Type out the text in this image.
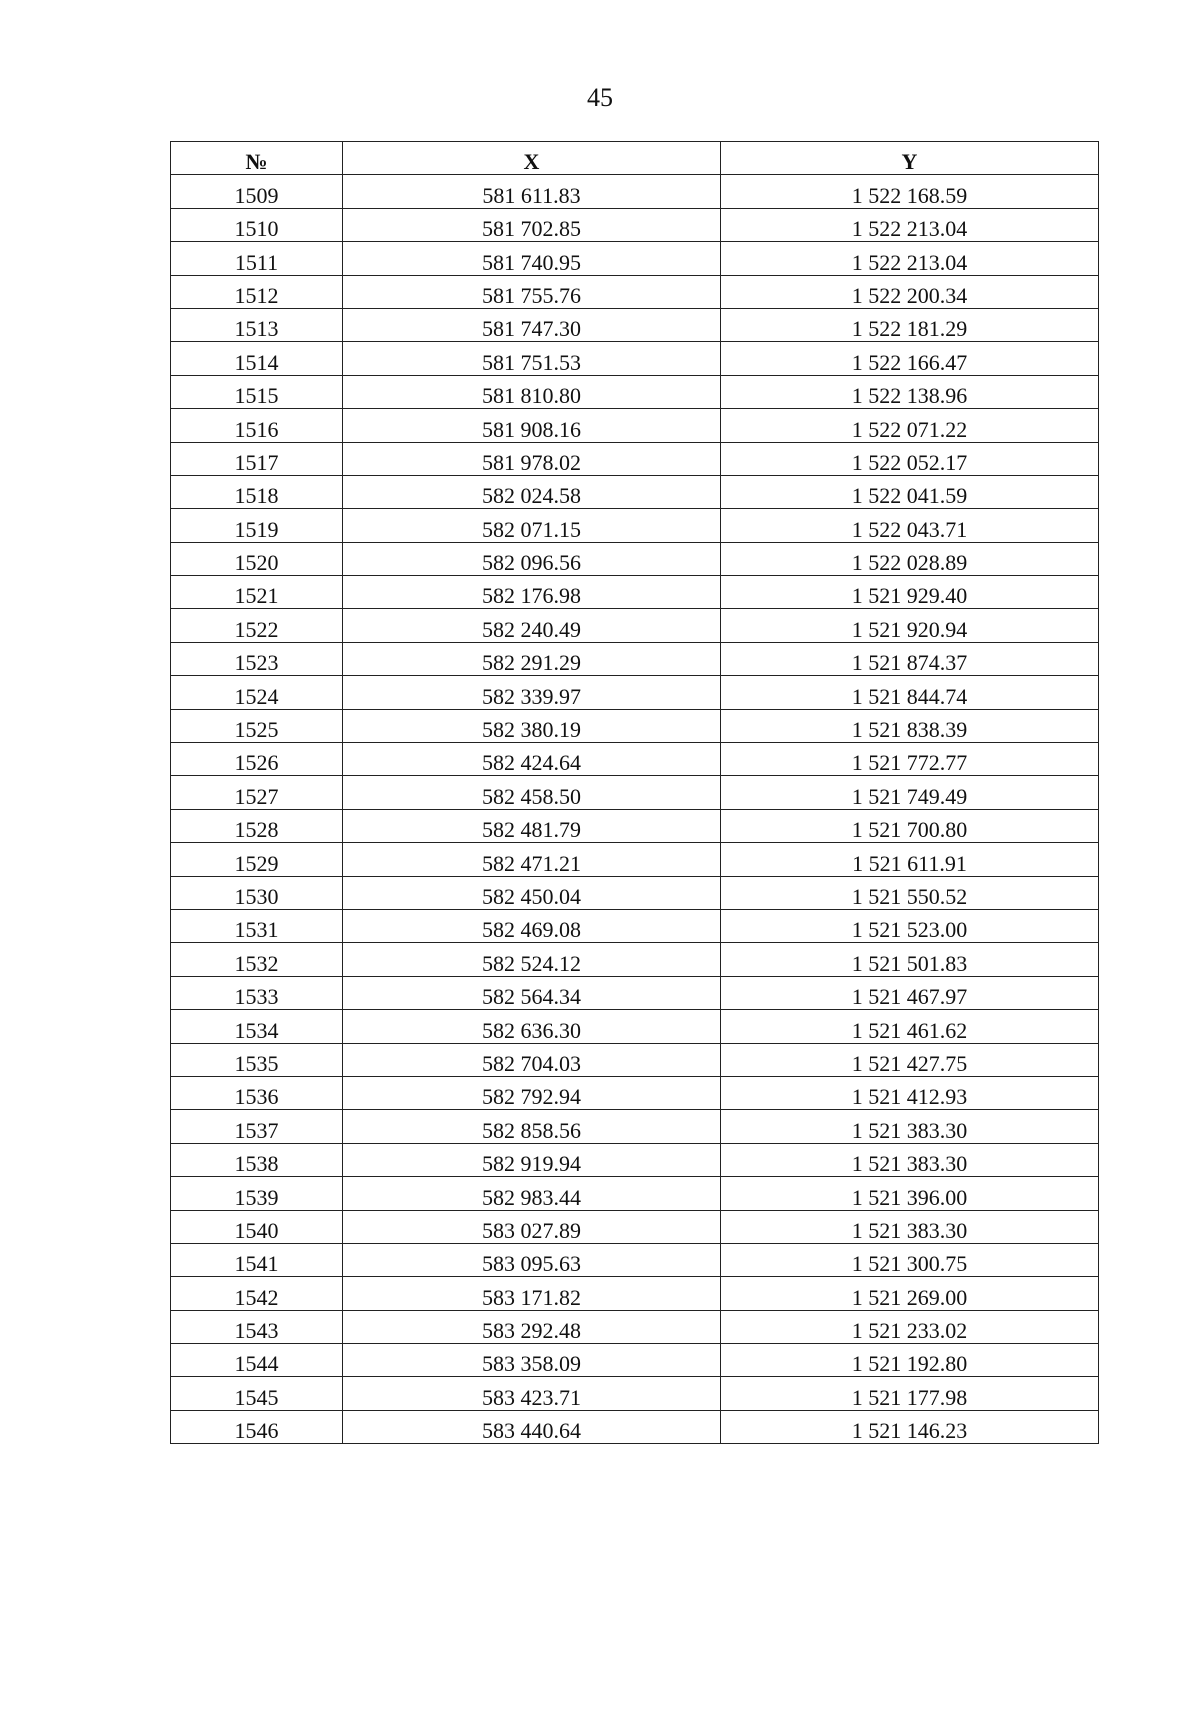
45
№	X	Y
1509	581 611.83	1 522 168.59
1510	581 702.85	1 522 213.04
1511	581 740.95	1 522 213.04
1512	581 755.76	1 522 200.34
1513	581 747.30	1 522 181.29
1514	581 751.53	1 522 166.47
1515	581 810.80	1 522 138.96
1516	581 908.16	1 522 071.22
1517	581 978.02	1 522 052.17
1518	582 024.58	1 522 041.59
1519	582 071.15	1 522 043.71
1520	582 096.56	1 522 028.89
1521	582 176.98	1 521 929.40
1522	582 240.49	1 521 920.94
1523	582 291.29	1 521 874.37
1524	582 339.97	1 521 844.74
1525	582 380.19	1 521 838.39
1526	582 424.64	1 521 772.77
1527	582 458.50	1 521 749.49
1528	582 481.79	1 521 700.80
1529	582 471.21	1 521 611.91
1530	582 450.04	1 521 550.52
1531	582 469.08	1 521 523.00
1532	582 524.12	1 521 501.83
1533	582 564.34	1 521 467.97
1534	582 636.30	1 521 461.62
1535	582 704.03	1 521 427.75
1536	582 792.94	1 521 412.93
1537	582 858.56	1 521 383.30
1538	582 919.94	1 521 383.30
1539	582 983.44	1 521 396.00
1540	583 027.89	1 521 383.30
1541	583 095.63	1 521 300.75
1542	583 171.82	1 521 269.00
1543	583 292.48	1 521 233.02
1544	583 358.09	1 521 192.80
1545	583 423.71	1 521 177.98
1546	583 440.64	1 521 146.23
